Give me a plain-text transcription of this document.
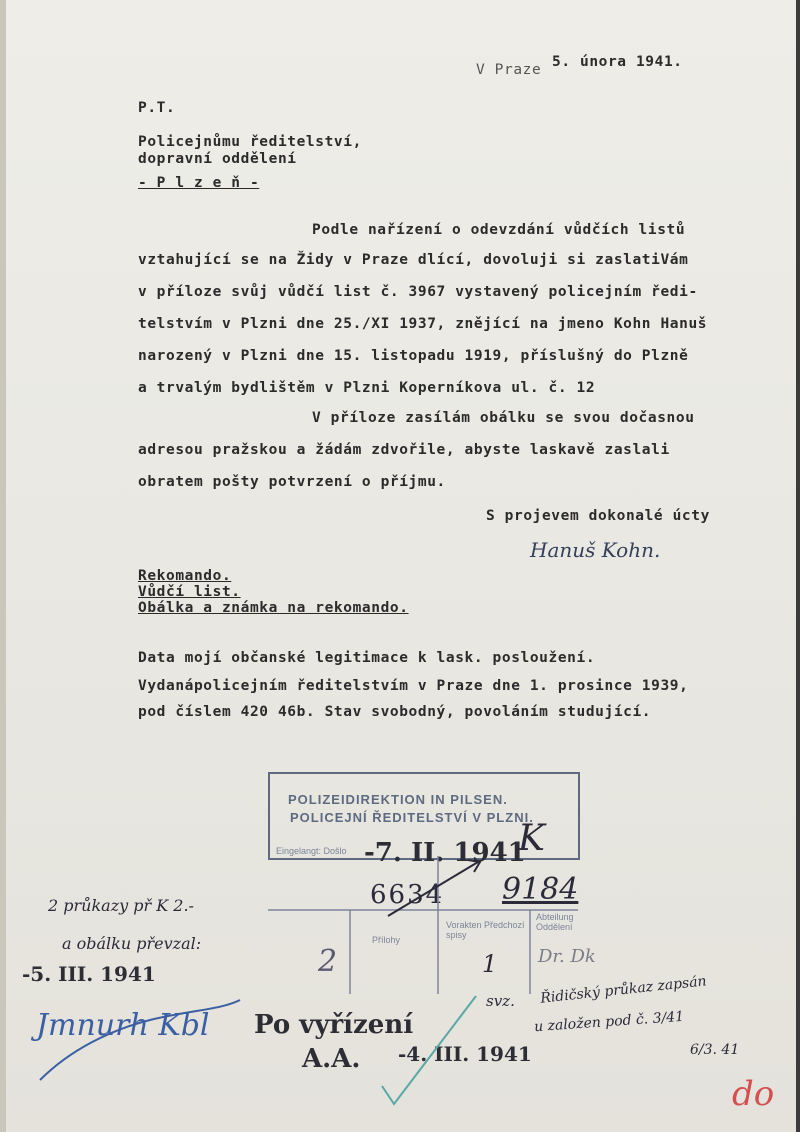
V Praze 5. února 1941.
P.T.
Policejnůmu ředitelství,
dopravní oddělení
- P l z e ň -
Podle nařízení o odevzdání vůdčích listů
vztahující se na Židy v Praze dlící, dovoluji si zaslatiVám
v příloze svůj vůdčí list č. 3967 vystavený policejním ředi-
telstvím v Plzni dne 25./XI 1937, znějící na jmeno Kohn Hanuš
narozený v Plzni dne 15. listopadu 1919, příslušný do Plzně
a trvalým bydlištěm v Plzni Koperníkova ul. č. 12
V příloze zasílám obálku se svou dočasnou
adresou pražskou a žádám zdvořile, abyste laskavě zaslali
obratem pošty potvrzení o příjmu.
S projevem dokonalé úcty
Hanuš Kohn.
Rekomando.
Vůdčí list.
Obálka a známka na rekomando.
Data mojí občanské legitimace k lask. posloužení.
Vydanápolicejním ředitelstvím v Praze dne 1. prosince 1939,
pod číslem 420 46b. Stav svobodný, povoláním studující.
POLIZEIDIREKTION IN PILSEN.
POLICEJNÍ ŘEDITELSTVÍ V PLZNI.
Eingelangt: Došlo -7. II. 1941
K
6634 9184
Přílohy
Vorakten Předchozí spisy
Abteilung Oddělení
2	1 Dr. Dk
2 průkazy př K 2.-
a obálku převzal:
-5. III. 1941
Jmnurh Kbl Po vyřízení
A.A. -4. III. 1941
svz. Řidičský průkaz zapsán
u založen pod č. 3/41
6/3. 41
do
